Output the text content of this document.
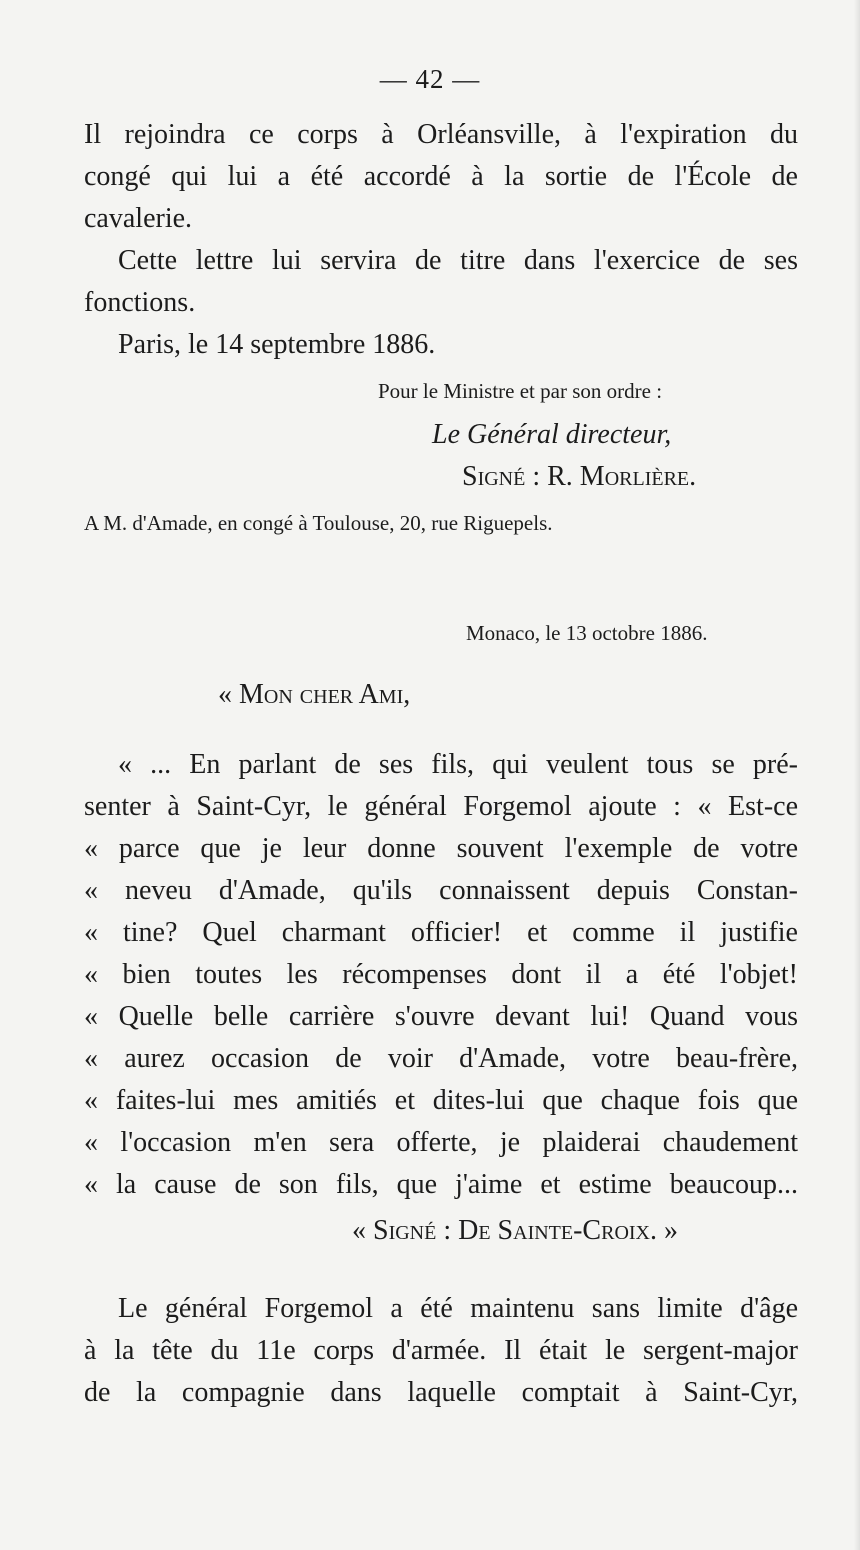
— 42 —
Il rejoindra ce corps à Orléansville, à l'expiration du
congé qui lui a été accordé à la sortie de l'École de
cavalerie.
Cette lettre lui servira de titre dans l'exercice de ses
fonctions.
Paris, le 14 septembre 1886.
Pour le Ministre et par son ordre :
Le Général directeur,
Signé : R. Morlière.
A M. d'Amade, en congé à Toulouse, 20, rue Riguepels.
Monaco, le 13 octobre 1886.
« Mon cher Ami,
« ... En parlant de ses fils, qui veulent tous se pré-
senter à Saint-Cyr, le général Forgemol ajoute : « Est-ce
« parce que je leur donne souvent l'exemple de votre
« neveu d'Amade, qu'ils connaissent depuis Constan-
« tine? Quel charmant officier! et comme il justifie
« bien toutes les récompenses dont il a été l'objet!
« Quelle belle carrière s'ouvre devant lui! Quand vous
« aurez occasion de voir d'Amade, votre beau-frère,
« faites-lui mes amitiés et dites-lui que chaque fois que
« l'occasion m'en sera offerte, je plaiderai chaudement
« la cause de son fils, que j'aime et estime beaucoup...
« Signé : De Sainte-Croix. »
Le général Forgemol a été maintenu sans limite d'âge
à la tête du 11e corps d'armée. Il était le sergent-major
de la compagnie dans laquelle comptait à Saint-Cyr,
